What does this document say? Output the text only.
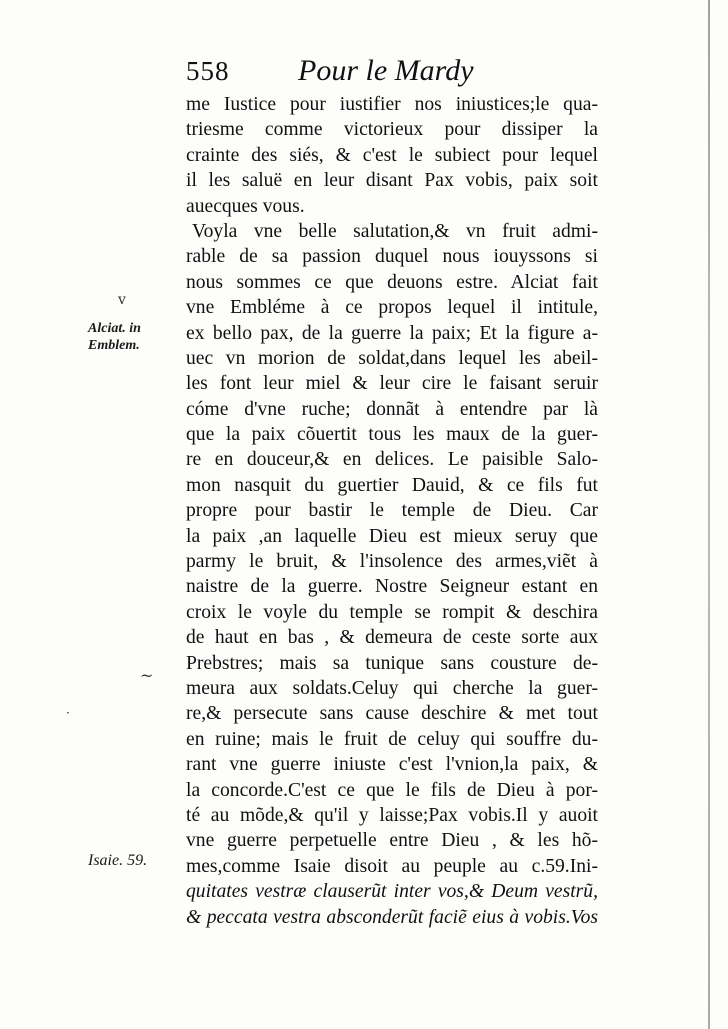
558 Pour le Mardy
v
~
·
Alciat. in
Emblem.
Isaie. 59.
me Iustice pour iustifier nos iniustices;le qua-
triesme comme victorieux pour dissiper la
crainte des siés, & c'est le subiect pour lequel
il les saluë en leur disant Pax vobis, paix soit
auecques vous.
Voyla vne belle salutation,& vn fruit admi-
rable de sa passion duquel nous iouyssons si
nous sommes ce que deuons estre. Alciat fait
vne Embléme à ce propos lequel il intitule,
ex bello pax, de la guerre la paix; Et la figure a-
uec vn morion de soldat,dans lequel les abeil-
les font leur miel & leur cire le faisant seruir
cóme d'vne ruche; donnãt à entendre par là
que la paix cõuertit tous les maux de la guer-
re en douceur,& en delices. Le paisible Salo-
mon nasquit du guertier Dauid, & ce fils fut
propre pour bastir le temple de Dieu. Car
la paix ,an laquelle Dieu est mieux seruy que
parmy le bruit, & l'insolence des armes,viẽt à
naistre de la guerre. Nostre Seigneur estant en
croix le voyle du temple se rompit & deschira
de haut en bas , & demeura de ceste sorte aux
Prebstres; mais sa tunique sans cousture de-
meura aux soldats.Celuy qui cherche la guer-
re,& persecute sans cause deschire & met tout
en ruine; mais le fruit de celuy qui souffre du-
rant vne guerre iniuste c'est l'vnion,la paix, &
la concorde.C'est ce que le fils de Dieu à por-
té au mõde,& qu'il y laisse;Pax vobis.Il y auoit
vne guerre perpetuelle entre Dieu , & les hõ-
mes,comme Isaie disoit au peuple au c.59.Ini-
quitates vestræ clauserũt inter vos,& Deum vestrũ,
& peccata vestra absconderũt faciẽ eius à vobis.Vos
